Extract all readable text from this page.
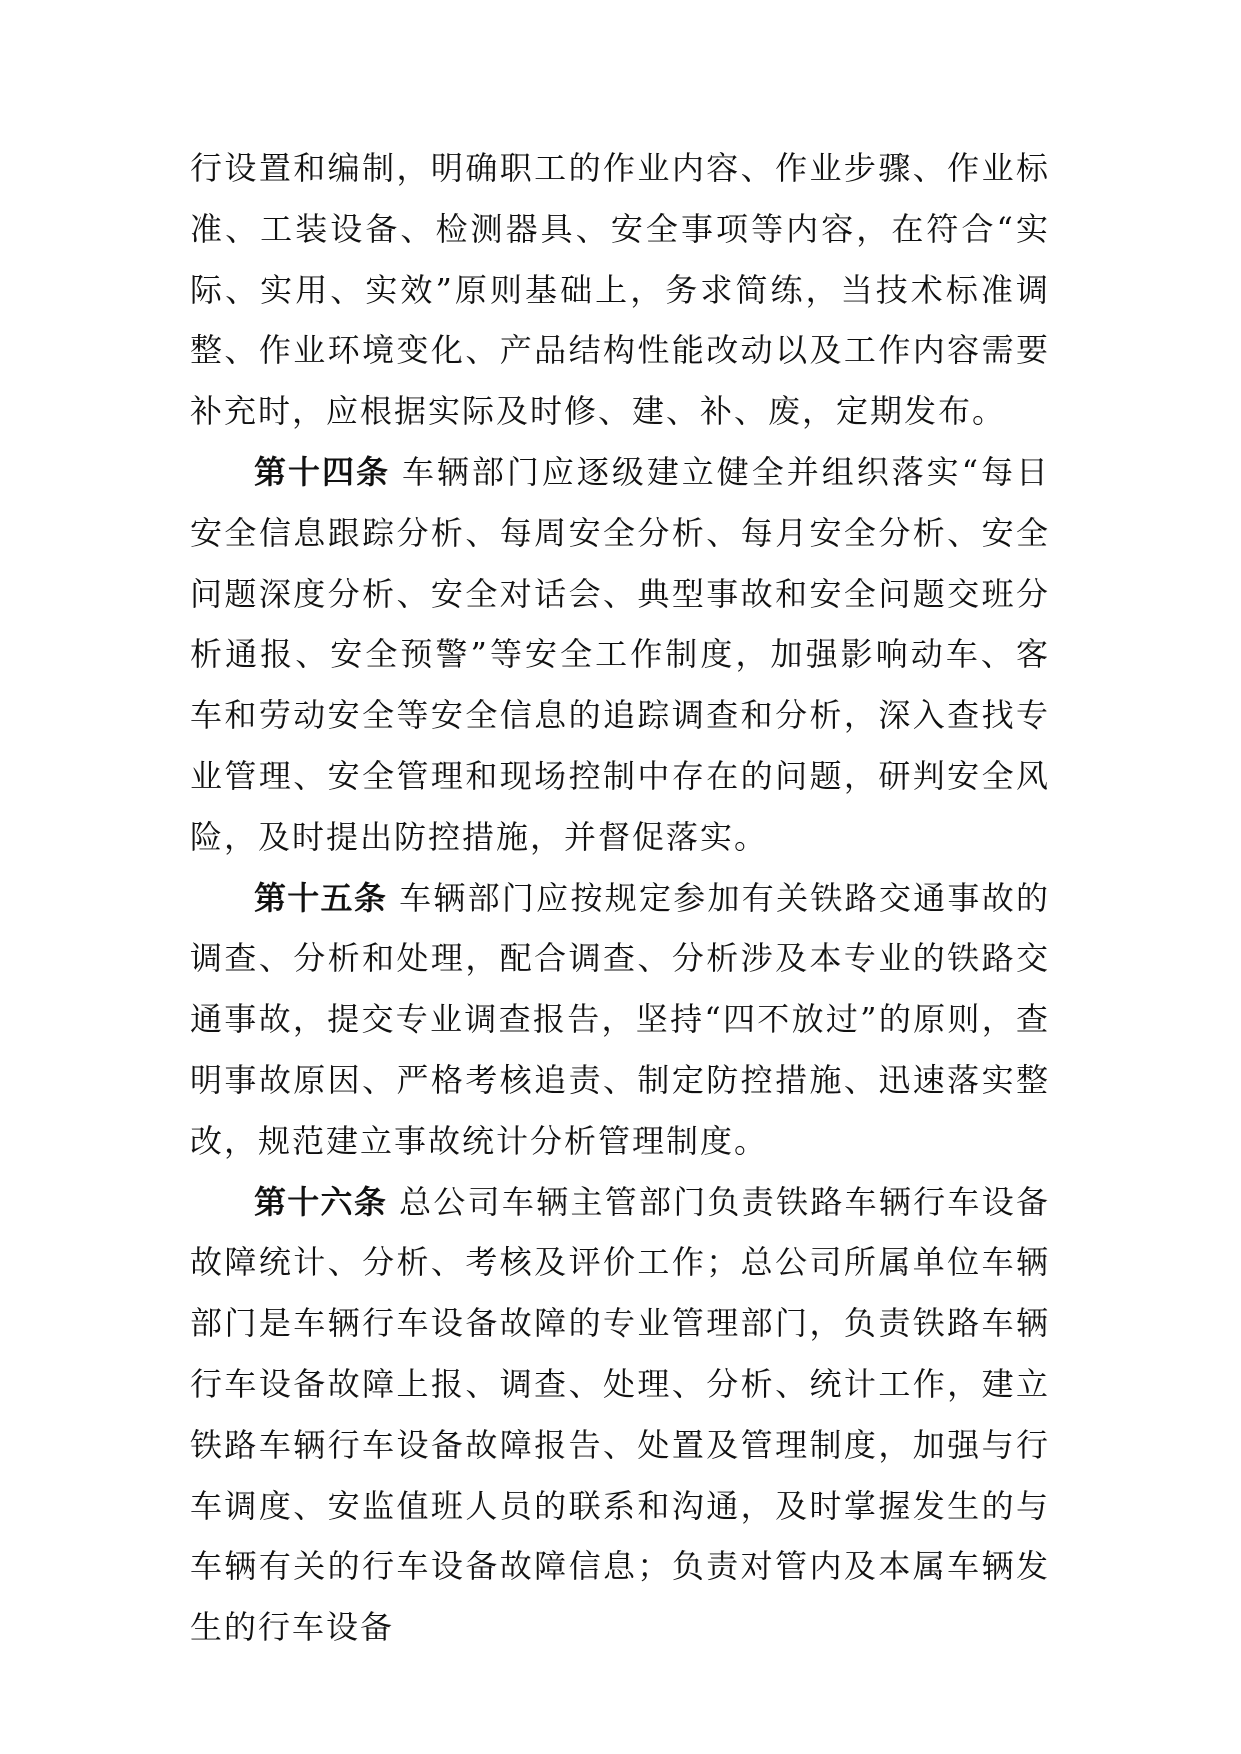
行设置和编制，明确职工的作业内容、作业步骤、作业标准、工装设备、检测器具、安全事项等内容，在符合“实际、实用、实效”原则基础上，务求简练，当技术标准调整、作业环境变化、产品结构性能改动以及工作内容需要补充时，应根据实际及时修、建、补、废，定期发布。

第十四条 车辆部门应逐级建立健全并组织落实“每日安全信息跟踪分析、每周安全分析、每月安全分析、安全问题深度分析、安全对话会、典型事故和安全问题交班分析通报、安全预警”等安全工作制度，加强影响动车、客车和劳动安全等安全信息的追踪调查和分析，深入查找专业管理、安全管理和现场控制中存在的问题，研判安全风险，及时提出防控措施，并督促落实。

第十五条 车辆部门应按规定参加有关铁路交通事故的调查、分析和处理，配合调查、分析涉及本专业的铁路交通事故，提交专业调查报告，坚持“四不放过”的原则，查明事故原因、严格考核追责、制定防控措施、迅速落实整改，规范建立事故统计分析管理制度。

第十六条 总公司车辆主管部门负责铁路车辆行车设备故障统计、分析、考核及评价工作；总公司所属单位车辆部门是车辆行车设备故障的专业管理部门，负责铁路车辆行车设备故障上报、调查、处理、分析、统计工作，建立铁路车辆行车设备故障报告、处置及管理制度，加强与行车调度、安监值班人员的联系和沟通，及时掌握发生的与车辆有关的行车设备故障信息；负责对管内及本属车辆发生的行车设备
